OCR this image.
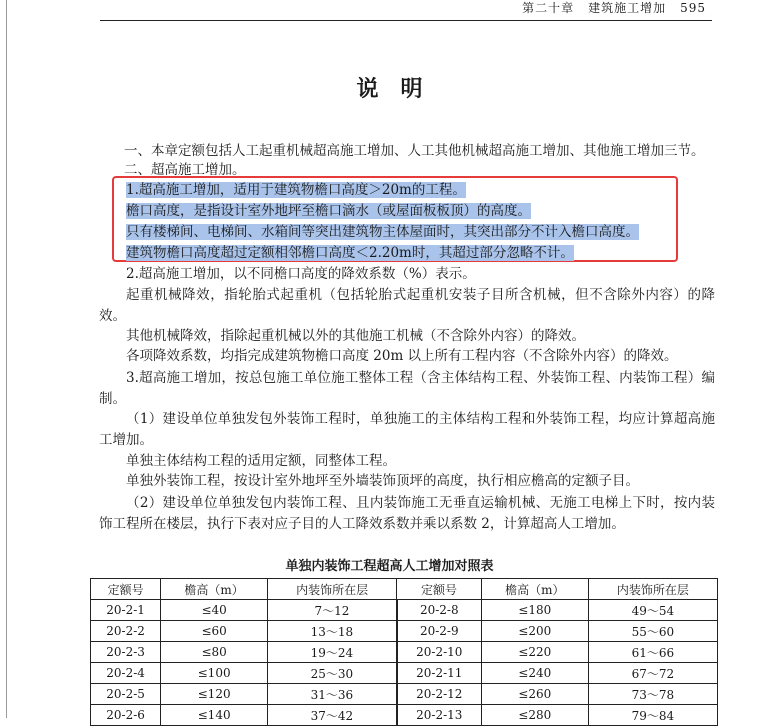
第二十章 建筑施工增加 595
说明
一、本章定额包括人工起重机械超高施工增加、人工其他机械超高施工增加、其他施工增加三节。
二、超高施工增加。
1.超高施工增加，适用于建筑物檐口高度＞20m的工程。
檐口高度，是指设计室外地坪至檐口滴水（或屋面板板顶）的高度。
只有楼梯间、电梯间、水箱间等突出建筑物主体屋面时，其突出部分不计入檐口高度。
建筑物檐口高度超过定额相邻檐口高度＜2.20m时，其超过部分忽略不计。
2.超高施工增加，以不同檐口高度的降效系数（%）表示。
起重机械降效，指轮胎式起重机（包括轮胎式起重机安装子目所含机械，但不含除外内容）的降效。
其他机械降效，指除起重机械以外的其他施工机械（不含除外内容）的降效。
各项降效系数，均指完成建筑物檐口高度 20m 以上所有工程内容（不含除外内容）的降效。
3.超高施工增加，按总包施工单位施工整体工程（含主体结构工程、外装饰工程、内装饰工程）编制。
（1）建设单位单独发包外装饰工程时，单独施工的主体结构工程和外装饰工程，均应计算超高施工增加。
单独主体结构工程的适用定额，同整体工程。
单独外装饰工程，按设计室外地坪至外墙装饰顶坪的高度，执行相应檐高的定额子目。
（2）建设单位单独发包内装饰工程、且内装饰施工无垂直运输机械、无施工电梯上下时，按内装饰工程所在楼层，执行下表对应子目的人工降效系数并乘以系数 2，计算超高人工增加。
单独内装饰工程超高人工增加对照表
定额号	檐高（m）	内装饰所在层	定额号	檐高（m）	内装饰所在层
20-2-1	≤40	7～12	20-2-8	≤180	49～54
20-2-2	≤60	13～18	20-2-9	≤200	55～60
20-2-3	≤80	19～24	20-2-10	≤220	61～66
20-2-4	≤100	25～30	20-2-11	≤240	67～72
20-2-5	≤120	31～36	20-2-12	≤260	73～78
20-2-6	≤140	37～42	20-2-13	≤280	79～84
